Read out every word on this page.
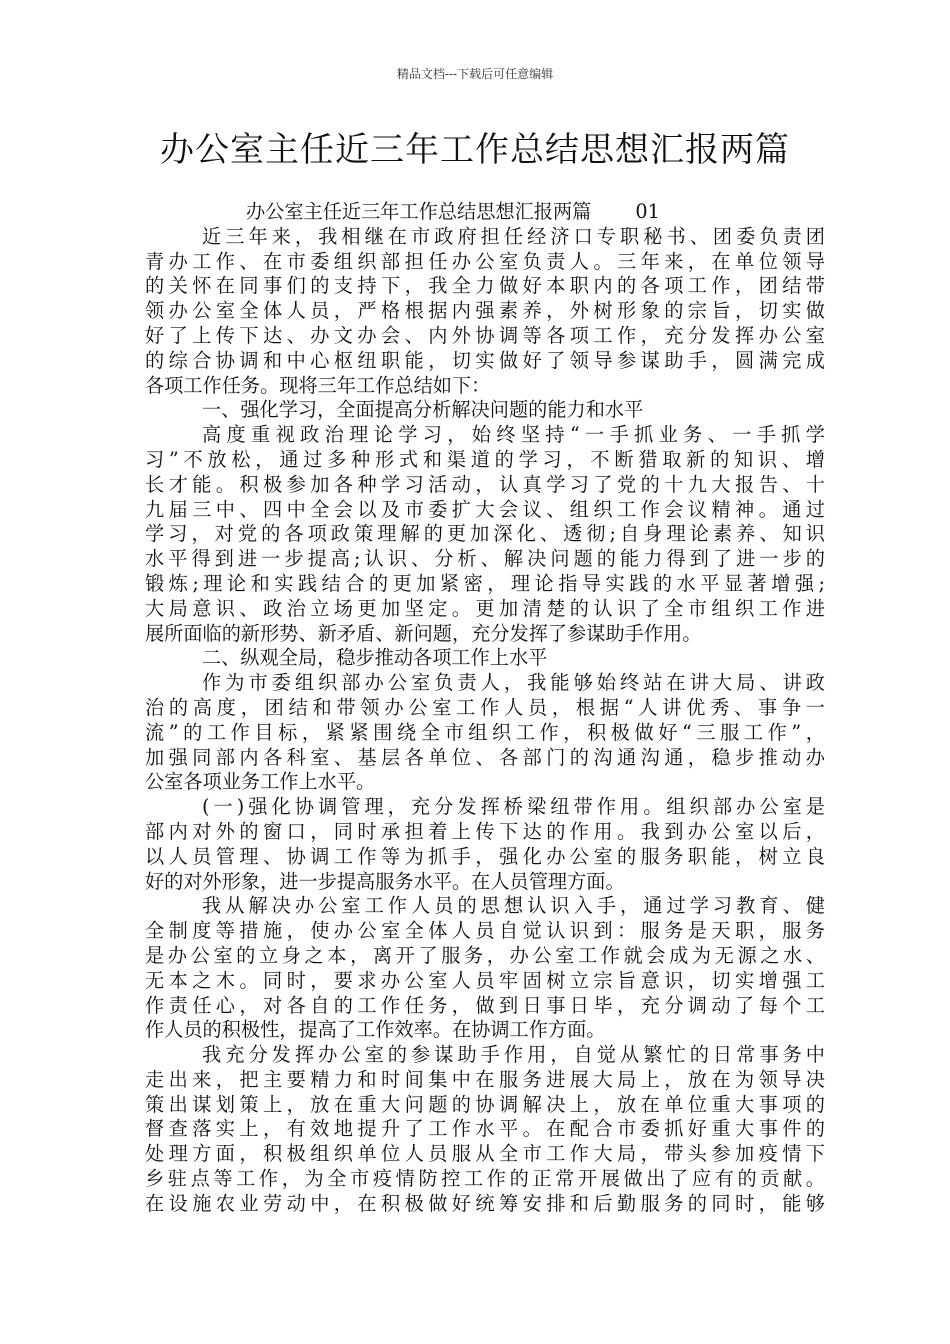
精品文档---下载后可任意编辑
办公室主任近三年工作总结思想汇报两篇
办公室主任近三年工作总结思想汇报两篇 01
近三年来，我相继在市政府担任经济口专职秘书、团委负责团
青办工作、在市委组织部担任办公室负责人。三年来，在单位领导
的关怀在同事们的支持下，我全力做好本职内的各项工作，团结带
领办公室全体人员，严格根据内强素养，外树形象的宗旨，切实做
好了上传下达、办文办会、内外协调等各项工作，充分发挥办公室
的综合协调和中心枢纽职能，切实做好了领导参谋助手，圆满完成
各项工作任务。现将三年工作总结如下：
一、强化学习，全面提高分析解决问题的能力和水平
高度重视政治理论学习，始终坚持“一手抓业务、一手抓学
习”不放松，通过多种形式和渠道的学习，不断猎取新的知识、增
长才能。积极参加各种学习活动，认真学习了党的十九大报告、十
九届三中、四中全会以及市委扩大会议、组织工作会议精神。通过
学习，对党的各项政策理解的更加深化、透彻;自身理论素养、知识
水平得到进一步提高;认识、分析、解决问题的能力得到了进一步的
锻炼;理论和实践结合的更加紧密，理论指导实践的水平显著增强;
大局意识、政治立场更加坚定。更加清楚的认识了全市组织工作进
展所面临的新形势、新矛盾、新问题，充分发挥了参谋助手作用。
二、纵观全局，稳步推动各项工作上水平
作为市委组织部办公室负责人，我能够始终站在讲大局、讲政
治的高度，团结和带领办公室工作人员，根据“人讲优秀、事争一
流”的工作目标，紧紧围绕全市组织工作，积极做好“三服工作”，
加强同部内各科室、基层各单位、各部门的沟通沟通，稳步推动办
公室各项业务工作上水平。
(一)强化协调管理，充分发挥桥梁纽带作用。组织部办公室是
部内对外的窗口，同时承担着上传下达的作用。我到办公室以后，
以人员管理、协调工作等为抓手，强化办公室的服务职能，树立良
好的对外形象，进一步提高服务水平。在人员管理方面。
我从解决办公室工作人员的思想认识入手，通过学习教育、健
全制度等措施，使办公室全体人员自觉认识到：服务是天职，服务
是办公室的立身之本，离开了服务，办公室工作就会成为无源之水、
无本之木。同时，要求办公室人员牢固树立宗旨意识，切实增强工
作责任心，对各自的工作任务，做到日事日毕，充分调动了每个工
作人员的积极性，提高了工作效率。在协调工作方面。
我充分发挥办公室的参谋助手作用，自觉从繁忙的日常事务中
走出来，把主要精力和时间集中在服务进展大局上，放在为领导决
策出谋划策上，放在重大问题的协调解决上，放在单位重大事项的
督查落实上，有效地提升了工作水平。在配合市委抓好重大事件的
处理方面，积极组织单位人员服从全市工作大局，带头参加疫情下
乡驻点等工作，为全市疫情防控工作的正常开展做出了应有的贡献。
在设施农业劳动中，在积极做好统筹安排和后勤服务的同时，能够
